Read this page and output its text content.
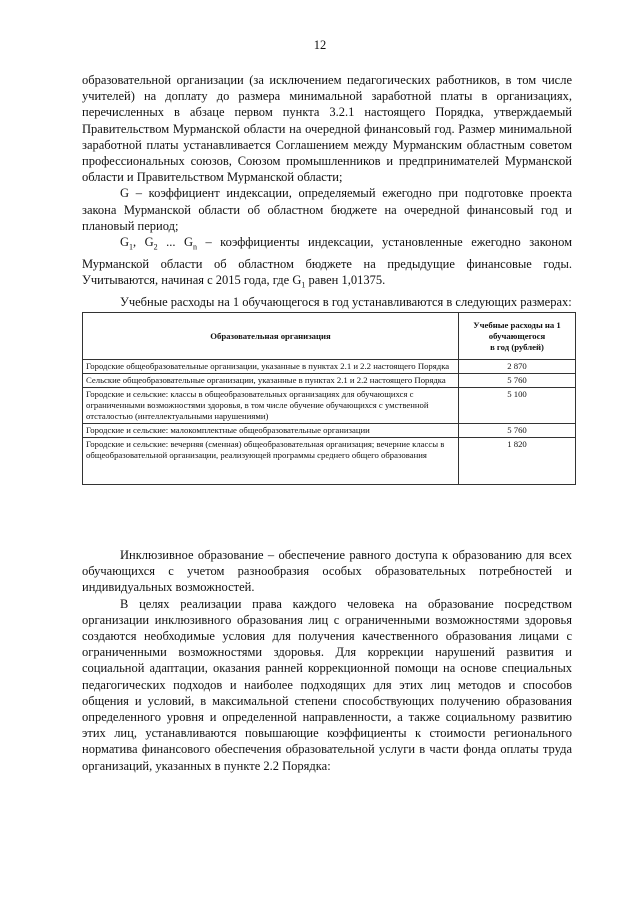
12

образовательной организации (за исключением педагогических работников, в том числе учителей) на доплату до размера минимальной заработной платы в организациях, перечисленных в абзаце первом пункта 3.2.1 настоящего Порядка, утверждаемый Правительством Мурманской области на очередной финансовый год. Размер минимальной заработной платы устанавливается Соглашением между Мурманским областным советом профессиональных союзов, Союзом промышленников и предпринимателей Мурманской области и Правительством Мурманской области;

G – коэффициент индексации, определяемый ежегодно при подготовке проекта закона Мурманской области об областном бюджете на очередной финансовый год и плановый период;

$G_1$, $G_2$ ... $G_n$ – коэффициенты индексации, установленные ежегодно законом Мурманской области об областном бюджете на предыдущие финансовые годы. Учитываются, начиная с 2015 года, где $G_1$ равен 1,01375.

Учебные расходы на 1 обучающегося в год устанавливаются в следующих размерах:

Образовательная организация	Учебные расходы на 1
обучающегося
в год (рублей)

Городские общеобразовательные организации, указанные в пунктах 2.1 и 2.2 настоящего Порядка	2 870
Сельские общеобразовательные организации, указанные в пунктах 2.1 и 2.2 настоящего Порядка	5 760
Городские и сельские: классы в общеобразовательных организациях для обучающихся с ограниченными возможностями здоровья, в том числе обучение обучающихся с умственной отсталостью (интеллектуальными нарушениями)	5 100
Городские и сельские: малокомплектные общеобразовательные организации	5 760
Городские и сельские: вечерняя (сменная) общеобразовательная организация; вечерние классы в общеобразовательной организации, реализующей программы среднего общего образования	1 820

Инклюзивное образование – обеспечение равного доступа к образованию для всех обучающихся с учетом разнообразия особых образовательных потребностей и индивидуальных возможностей.

В целях реализации права каждого человека на образование посредством организации инклюзивного образования лиц с ограниченными возможностями здоровья создаются необходимые условия для получения качественного образования лицами с ограниченными возможностями здоровья. Для коррекции нарушений развития и социальной адаптации, оказания ранней коррекционной помощи на основе специальных педагогических подходов и наиболее подходящих для этих лиц методов и способов общения и условий, в максимальной степени способствующих получению образования определенного уровня и определенной направленности, а также социальному развитию этих лиц, устанавливаются повышающие коэффициенты к стоимости регионального норматива финансового обеспечения образовательной услуги в части фонда оплаты труда организаций, указанных в пункте 2.2 Порядка:
